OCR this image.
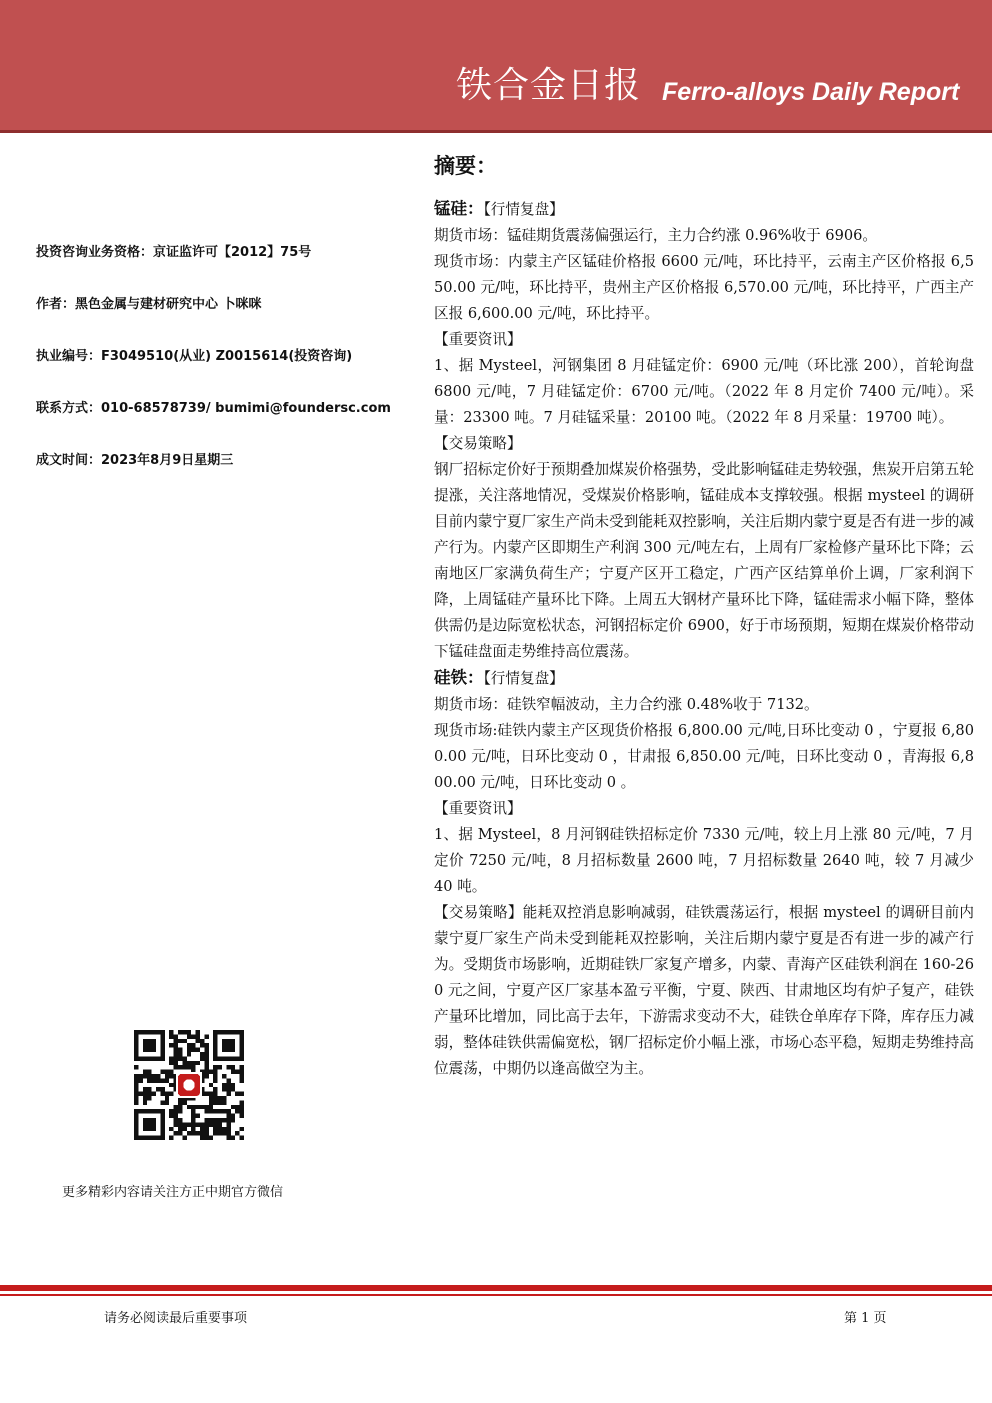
铁合金日报 Ferro-alloys Daily Report
投资咨询业务资格：京证监许可【2012】75号
作者：黑色金属与建材研究中心 卜咪咪
执业编号：F3049510(从业) Z0015614(投资咨询)
联系方式：010-68578739/ bumimi@foundersc.com
成文时间：2023年8月9日星期三
更多精彩内容请关注方正中期官方微信
摘要：

锰硅：【行情复盘】

期货市场：锰硅期货震荡偏强运行，主力合约涨 0.96%收于 6906。

现货市场：内蒙主产区锰硅价格报 6600 元/吨，环比持平，云南主产区价格报 6,550.00 元/吨，环比持平，贵州主产区价格报 6,570.00 元/吨，环比持平，广西主产区报 6,600.00 元/吨，环比持平。

【重要资讯】

1、据 Mysteel，河钢集团 8 月硅锰定价：6900 元/吨（环比涨 200），首轮询盘 6800 元/吨，7 月硅锰定价：6700 元/吨。（2022 年 8 月定价 7400 元/吨）。采量：23300 吨。7 月硅锰采量：20100 吨。（2022 年 8 月采量：19700 吨）。

【交易策略】

钢厂招标定价好于预期叠加煤炭价格强势，受此影响锰硅走势较强，焦炭开启第五轮提涨，关注落地情况，受煤炭价格影响，锰硅成本支撑较强。根据 mysteel 的调研目前内蒙宁夏厂家生产尚未受到能耗双控影响，关注后期内蒙宁夏是否有进一步的减产行为。内蒙产区即期生产利润 300 元/吨左右，上周有厂家检修产量环比下降；云南地区厂家满负荷生产；宁夏产区开工稳定，广西产区结算单价上调，厂家利润下降，上周锰硅产量环比下降。上周五大钢材产量环比下降，锰硅需求小幅下降，整体供需仍是边际宽松状态，河钢招标定价 6900，好于市场预期，短期在煤炭价格带动下锰硅盘面走势维持高位震荡。

硅铁：【行情复盘】

期货市场：硅铁窄幅波动，主力合约涨 0.48%收于 7132。

现货市场:硅铁内蒙主产区现货价格报 6,800.00 元/吨,日环比变动 0 ，宁夏报 6,800.00 元/吨，日环比变动 0 ，甘肃报 6,850.00 元/吨，日环比变动 0 ，青海报 6,800.00 元/吨，日环比变动 0 。

【重要资讯】

1、据 Mysteel，8 月河钢硅铁招标定价 7330 元/吨，较上月上涨 80 元/吨，7 月定价 7250 元/吨，8 月招标数量 2600 吨，7 月招标数量 2640 吨，较 7 月减少 40 吨。

【交易策略】能耗双控消息影响减弱，硅铁震荡运行，根据 mysteel 的调研目前内蒙宁夏厂家生产尚未受到能耗双控影响，关注后期内蒙宁夏是否有进一步的减产行为。受期货市场影响，近期硅铁厂家复产增多，内蒙、青海产区硅铁利润在 160-260 元之间，宁夏产区厂家基本盈亏平衡，宁夏、陕西、甘肃地区均有炉子复产，硅铁产量环比增加，同比高于去年，下游需求变动不大，硅铁仓单库存下降，库存压力减弱，整体硅铁供需偏宽松，钢厂招标定价小幅上涨，市场心态平稳，短期走势维持高位震荡，中期仍以逢高做空为主。

请务必阅读最后重要事项	第 1 页
